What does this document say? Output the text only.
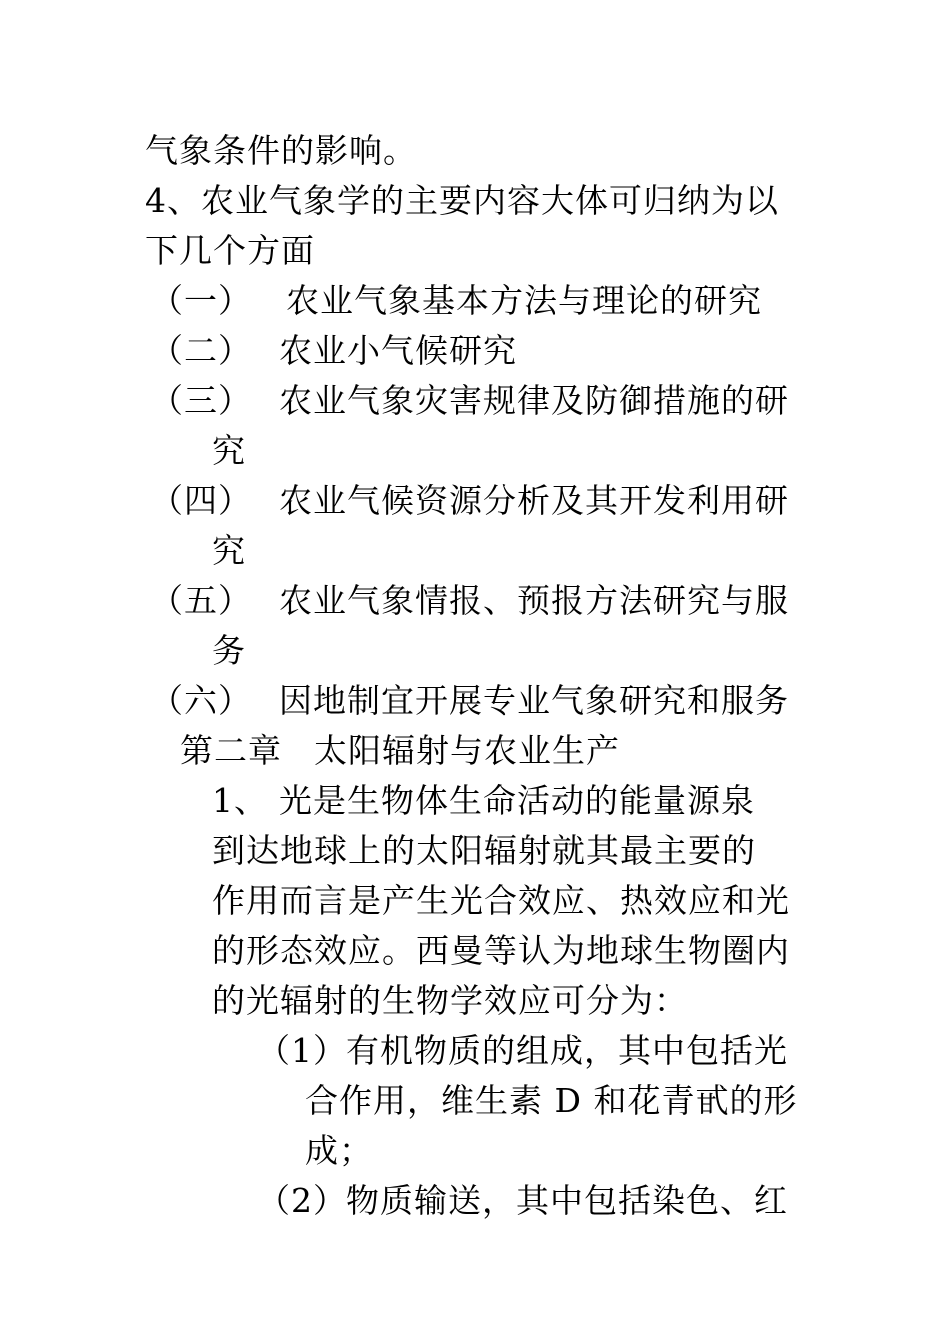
气象条件的影响。
4、农业气象学的主要内容大体可归纳为以
下几个方面
（一） 农业气象基本方法与理论的研究
（二） 农业小气候研究
（三） 农业气象灾害规律及防御措施的研
究
（四） 农业气候资源分析及其开发利用研
究
（五） 农业气象情报、预报方法研究与服
务
（六） 因地制宜开展专业气象研究和服务
第二章 太阳辐射与农业生产
1、 光是生物体生命活动的能量源泉
到达地球上的太阳辐射就其最主要的
作用而言是产生光合效应、热效应和光
的形态效应。西曼等认为地球生物圈内
的光辐射的生物学效应可分为：
（1）有机物质的组成，其中包括光
合作用，维生素 D 和花青甙的形
成；
（2）物质输送，其中包括染色、红
